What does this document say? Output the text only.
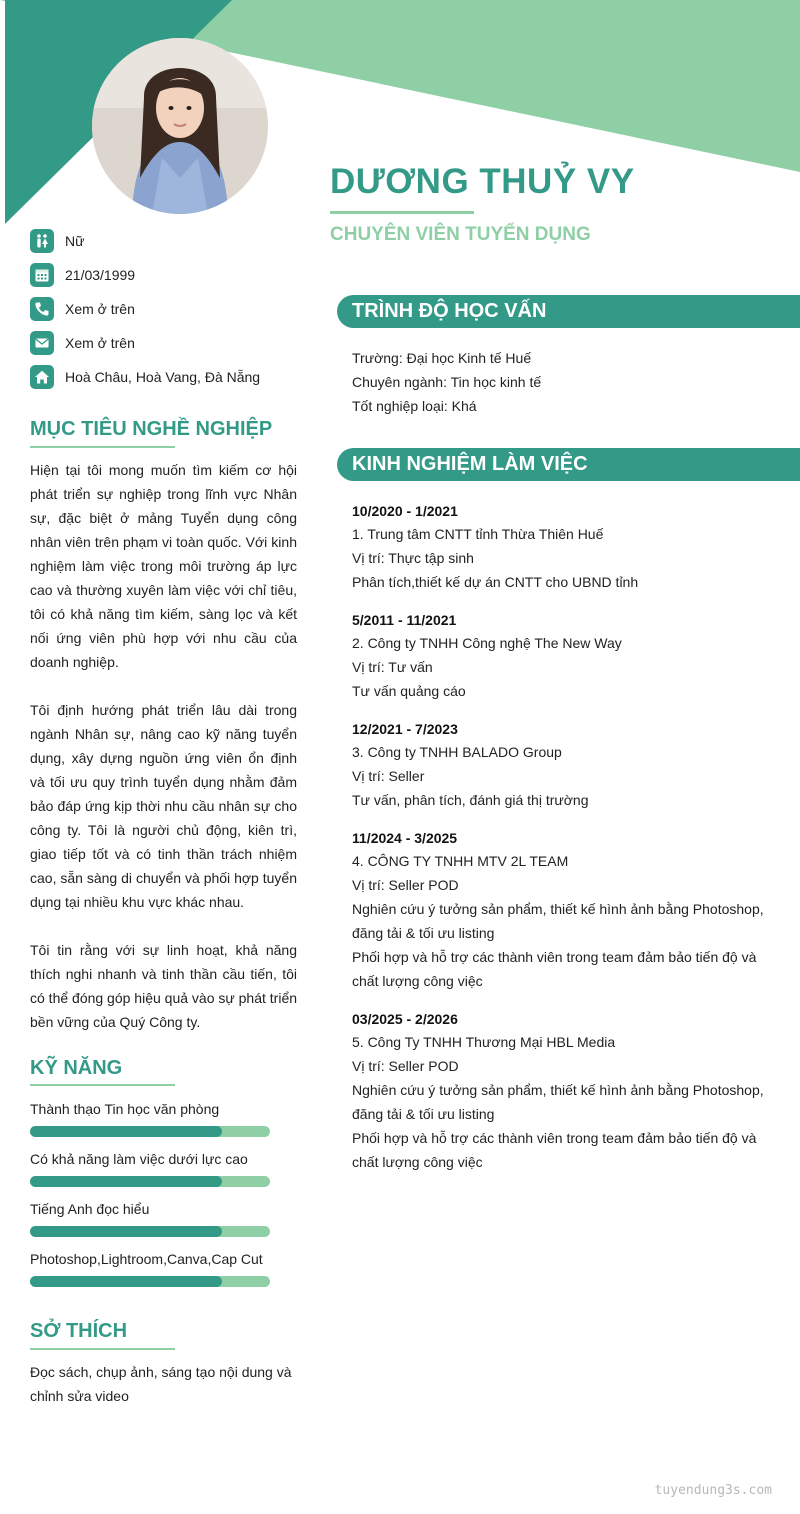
DƯƠNG THUỶ VY
CHUYÊN VIÊN TUYỂN DỤNG
Nữ
21/03/1999
Xem ở trên
Xem ở trên
Hoà Châu, Hoà Vang, Đà Nẵng
MỤC TIÊU NGHỀ NGHIỆP

Hiện tại tôi mong muốn tìm kiếm cơ hội phát triển sự nghiệp trong lĩnh vực Nhân sự, đặc biệt ở mảng Tuyển dụng công nhân viên trên phạm vi toàn quốc. Với kinh nghiệm làm việc trong môi trường áp lực cao và thường xuyên làm việc với chỉ tiêu, tôi có khả năng tìm kiếm, sàng lọc và kết nối ứng viên phù hợp với nhu cầu của doanh nghiệp.

Tôi định hướng phát triển lâu dài trong ngành Nhân sự, nâng cao kỹ năng tuyển dụng, xây dựng nguồn ứng viên ổn định và tối ưu quy trình tuyển dụng nhằm đảm bảo đáp ứng kịp thời nhu cầu nhân sự cho công ty. Tôi là người chủ động, kiên trì, giao tiếp tốt và có tinh thần trách nhiệm cao, sẵn sàng di chuyển và phối hợp tuyển dụng tại nhiều khu vực khác nhau.

Tôi tin rằng với sự linh hoạt, khả năng thích nghi nhanh và tinh thần cầu tiến, tôi có thể đóng góp hiệu quả vào sự phát triển bền vững của Quý Công ty.

KỸ NĂNG
Thành thạo Tin học văn phòng
Có khả năng làm việc dưới lực cao
Tiếng Anh đọc hiểu
Photoshop,Lightroom,Canva,Cap Cut
SỞ THÍCH
Đọc sách, chụp ảnh, sáng tạo nội dung và chỉnh sửa video
TRÌNH ĐỘ HỌC VẤN
Trường: Đại học Kinh tế Huế
Chuyên ngành: Tin học kinh tế
Tốt nghiệp loại: Khá
KINH NGHIỆM LÀM VIỆC
10/2020 - 1/2021
1. Trung tâm CNTT tỉnh Thừa Thiên Huế
Vị trí: Thực tập sinh
Phân tích,thiết kế dự án CNTT cho UBND tỉnh
5/2011 - 11/2021
2. Công ty TNHH Công nghệ The New Way
Vị trí: Tư vấn
Tư vấn quảng cáo
12/2021 - 7/2023
3. Công ty TNHH BALADO Group
Vị trí: Seller
Tư vấn, phân tích, đánh giá thị trường
11/2024 - 3/2025
4. CÔNG TY TNHH MTV 2L TEAM
Vị trí: Seller POD
Nghiên cứu ý tưởng sản phẩm, thiết kế hình ảnh bằng Photoshop, đăng tải & tối ưu listing
Phối hợp và hỗ trợ các thành viên trong team đảm bảo tiến độ và chất lượng công việc
03/2025 - 2/2026
5. Công Ty TNHH Thương Mại HBL Media
Vị trí: Seller POD
Nghiên cứu ý tưởng sản phẩm, thiết kế hình ảnh bằng Photoshop, đăng tải & tối ưu listing
Phối hợp và hỗ trợ các thành viên trong team đảm bảo tiến độ và chất lượng công việc
tuyendung3s.com
